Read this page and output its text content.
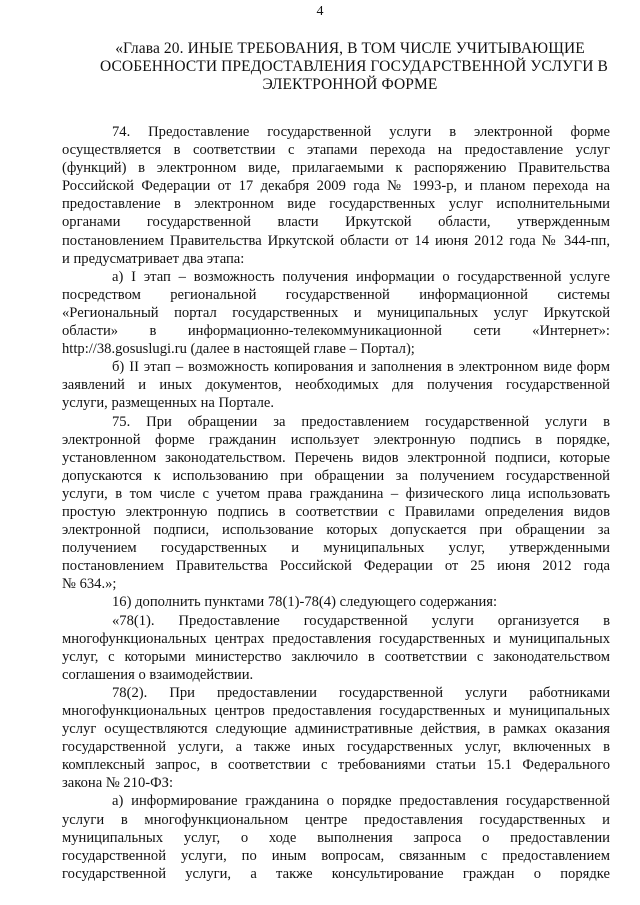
4
«Глава 20. ИНЫЕ ТРЕБОВАНИЯ, В ТОМ ЧИСЛЕ УЧИТЫВАЮЩИЕ
ОСОБЕННОСТИ ПРЕДОСТАВЛЕНИЯ ГОСУДАРСТВЕННОЙ УСЛУГИ В
ЭЛЕКТРОННОЙ ФОРМЕ
74. Предоставление государственной услуги в электронной форме
осуществляется в соответствии с этапами перехода на предоставление услуг
(функций) в электронном виде, прилагаемыми к распоряжению Правительства
Российской Федерации от 17 декабря 2009 года № 1993-р, и планом перехода на
предоставление в электронном виде государственных услуг исполнительными
органами государственной власти Иркутской области, утвержденным
постановлением Правительства Иркутской области от 14 июня 2012 года № 344-пп,
и предусматривает два этапа:
а) I этап – возможность получения информации о государственной услуге
посредством региональной государственной информационной системы
«Региональный портал государственных и муниципальных услуг Иркутской
области» в информационно-телекоммуникационной сети «Интернет»:
http://38.gosuslugi.ru (далее в настоящей главе – Портал);
б) II этап – возможность копирования и заполнения в электронном виде форм
заявлений и иных документов, необходимых для получения государственной
услуги, размещенных на Портале.
75. При обращении за предоставлением государственной услуги в
электронной форме гражданин использует электронную подпись в порядке,
установленном законодательством. Перечень видов электронной подписи, которые
допускаются к использованию при обращении за получением государственной
услуги, в том числе с учетом права гражданина – физического лица использовать
простую электронную подпись в соответствии с Правилами определения видов
электронной подписи, использование которых допускается при обращении за
получением государственных и муниципальных услуг, утвержденными
постановлением Правительства Российской Федерации от 25 июня 2012 года
№ 634.»;
16) дополнить пунктами 78(1)-78(4) следующего содержания:
«78(1). Предоставление государственной услуги организуется в
многофункциональных центрах предоставления государственных и муниципальных
услуг, с которыми министерство заключило в соответствии с законодательством
соглашения о взаимодействии.
78(2). При предоставлении государственной услуги работниками
многофункциональных центров предоставления государственных и муниципальных
услуг осуществляются следующие административные действия, в рамках оказания
государственной услуги, а также иных государственных услуг, включенных в
комплексный запрос, в соответствии с требованиями статьи 15.1 Федерального
закона № 210-ФЗ:
а) информирование гражданина о порядке предоставления государственной
услуги в многофункциональном центре предоставления государственных и
муниципальных услуг, о ходе выполнения запроса о предоставлении
государственной услуги, по иным вопросам, связанным с предоставлением
государственной услуги, а также консультирование граждан о порядке
